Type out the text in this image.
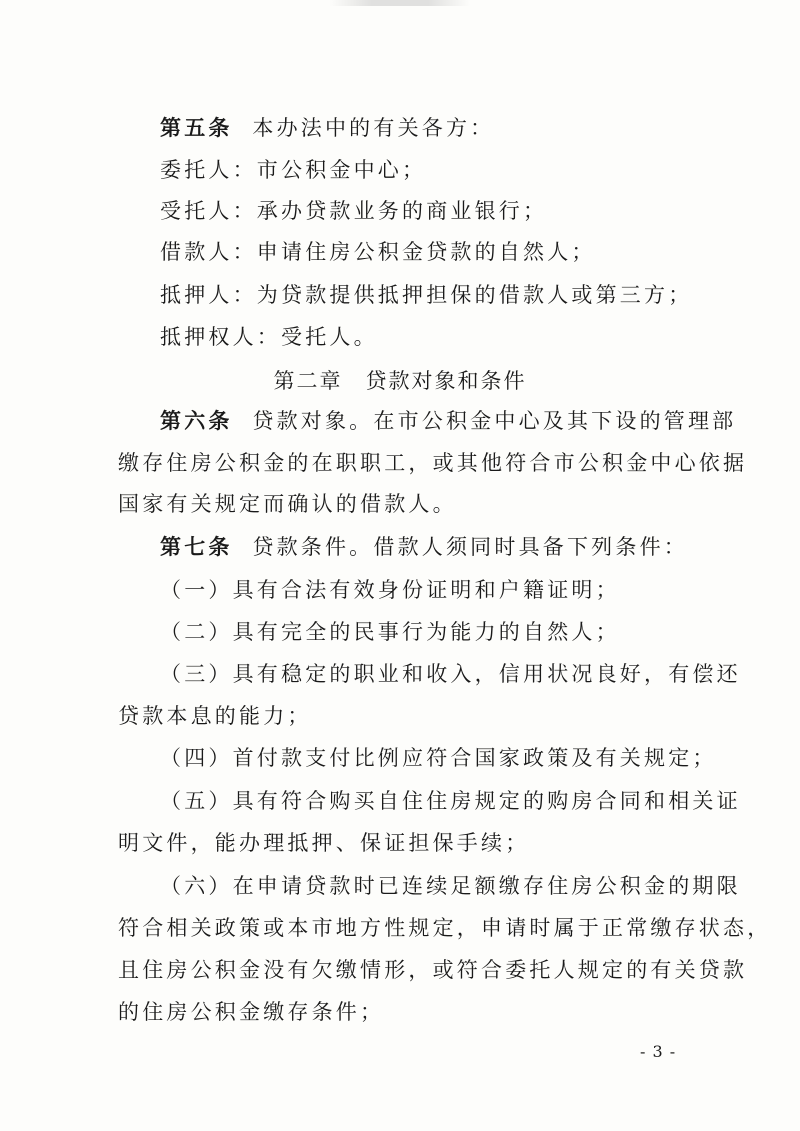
第五条 本办法中的有关各方：
委托人：市公积金中心；
受托人：承办贷款业务的商业银行；
借款人：申请住房公积金贷款的自然人；
抵押人：为贷款提供抵押担保的借款人或第三方；
抵押权人：受托人。
第二章　贷款对象和条件
第六条 贷款对象。在市公积金中心及其下设的管理部
缴存住房公积金的在职职工，或其他符合市公积金中心依据
国家有关规定而确认的借款人。
第七条 贷款条件。借款人须同时具备下列条件：
（一）具有合法有效身份证明和户籍证明；
（二）具有完全的民事行为能力的自然人；
（三）具有稳定的职业和收入，信用状况良好，有偿还
贷款本息的能力；
（四）首付款支付比例应符合国家政策及有关规定；
（五）具有符合购买自住住房规定的购房合同和相关证
明文件，能办理抵押、保证担保手续；
（六）在申请贷款时已连续足额缴存住房公积金的期限
符合相关政策或本市地方性规定，申请时属于正常缴存状态，
且住房公积金没有欠缴情形，或符合委托人规定的有关贷款
的住房公积金缴存条件；
- 3 -
